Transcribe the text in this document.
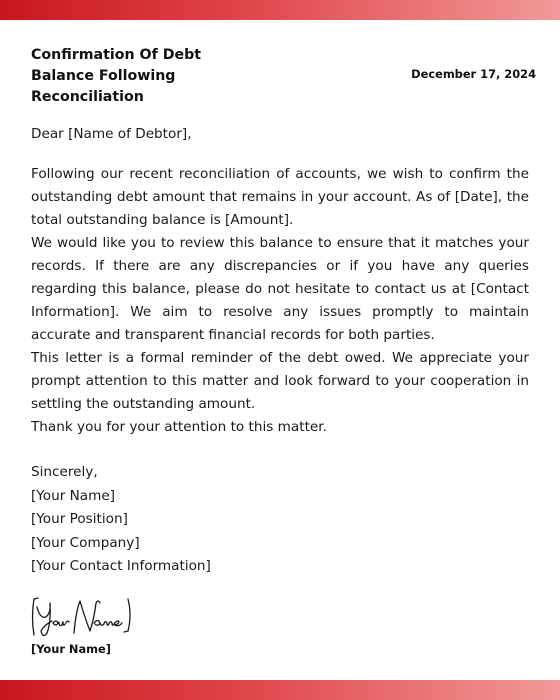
Confirmation Of Debt Balance Following Reconciliation
December 17, 2024
Dear [Name of Debtor],

Following our recent reconciliation of accounts, we wish to confirm the outstanding debt amount that remains in your account. As of [Date], the total outstanding balance is [Amount].

We would like you to review this balance to ensure that it matches your records. If there are any discrepancies or if you have any queries regarding this balance, please do not hesitate to contact us at [Contact Information]. We aim to resolve any issues promptly to maintain accurate and transparent financial records for both parties.

This letter is a formal reminder of the debt owed. We appreciate your prompt attention to this matter and look forward to your cooperation in settling the outstanding amount.

Thank you for your attention to this matter.

Sincerely,
[Your Name]
[Your Position]
[Your Company]
[Your Contact Information]
[Your Name]
